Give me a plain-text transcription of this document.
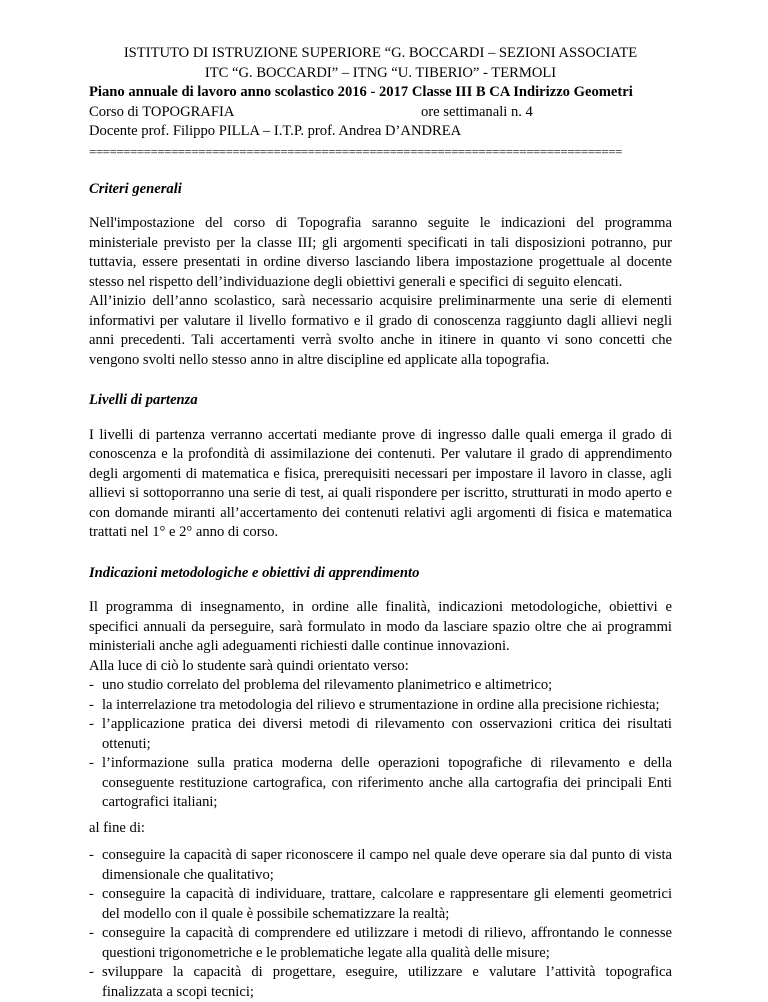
ISTITUTO DI ISTRUZIONE SUPERIORE “G. BOCCARDI – SEZIONI ASSOCIATE
ITC “G. BOCCARDI” – ITNG “U. TIBERIO” - TERMOLI
Piano annuale di lavoro anno scolastico 2016 - 2017 Classe III B CA Indirizzo Geometri
Corso di TOPOGRAFIA	ore settimanali n. 4
Docente prof. Filippo PILLA – I.T.P. prof. Andrea D’ANDREA
==============================================================================
Criteri generali

Nell'impostazione del corso di Topografia saranno seguite le indicazioni del programma ministeriale previsto per la classe III; gli argomenti specificati in tali disposizioni potranno, pur tuttavia, essere presentati in ordine diverso lasciando libera impostazione progettuale al docente stesso nel rispetto dell’individuazione degli obiettivi generali e specifici di seguito elencati.

All’inizio dell’anno scolastico, sarà necessario acquisire preliminarmente una serie di elementi informativi per valutare il livello formativo e il grado di conoscenza raggiunto dagli allievi negli anni precedenti. Tali accertamenti verrà svolto anche in itinere in quanto vi sono concetti che vengono svolti nello stesso anno in altre discipline ed applicate alla topografia.

Livelli di partenza

I livelli di partenza verranno accertati mediante prove di ingresso dalle quali emerga il grado di conoscenza e la profondità di assimilazione dei contenuti. Per valutare il grado di apprendimento degli argomenti di matematica e fisica, prerequisiti necessari per impostare il lavoro in classe, agli allievi si sottoporranno una serie di test, ai quali rispondere per iscritto, strutturati in modo aperto e con domande miranti all’accertamento dei contenuti relativi agli argomenti di fisica e matematica trattati nel 1° e 2° anno di corso.

Indicazioni metodologiche e obiettivi di apprendimento

Il programma di insegnamento, in ordine alle finalità, indicazioni metodologiche, obiettivi e specifici annuali da perseguire, sarà formulato in modo da lasciare spazio oltre che ai programmi ministeriali anche agli adeguamenti richiesti dalle continue innovazioni.

Alla luce di ciò lo studente sarà quindi orientato verso:

- uno studio correlato del problema del rilevamento planimetrico e altimetrico;
- la interrelazione tra metodologia del rilievo e strumentazione in ordine alla precisione richiesta;
- l’applicazione pratica dei diversi metodi di rilevamento con osservazioni critica dei risultati ottenuti;
- l’informazione sulla pratica moderna delle operazioni topografiche di rilevamento e della conseguente restituzione cartografica, con riferimento anche alla cartografia dei principali Enti cartografici italiani;

al fine di:

- conseguire la capacità di saper riconoscere il campo nel quale deve operare sia dal punto di vista dimensionale che qualitativo;
- conseguire la capacità di individuare, trattare, calcolare e rappresentare gli elementi geometrici del modello con il quale è possibile schematizzare la realtà;
- conseguire la capacità di comprendere ed utilizzare i metodi di rilievo, affrontando le connesse questioni trigonometriche e le problematiche legate alla qualità delle misure;
- sviluppare la capacità di progettare, eseguire, utilizzare e valutare l’attività topografica finalizzata a scopi tecnici;
